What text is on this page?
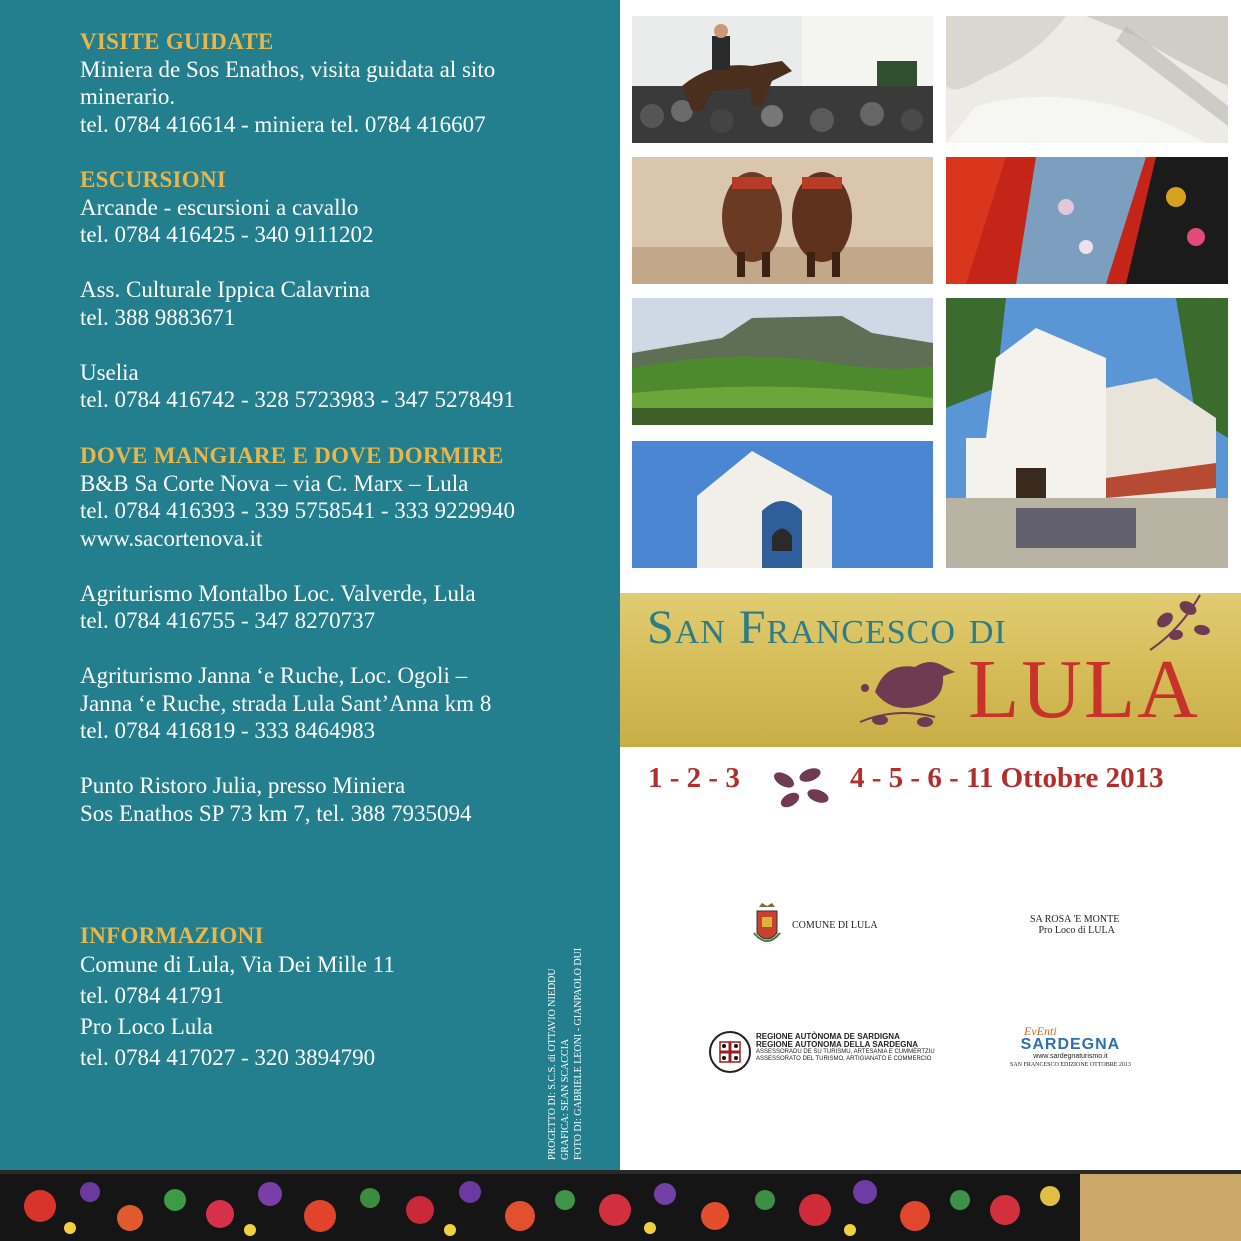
VISITE GUIDATE
Miniera de Sos Enathos, visita guidata al sito
minerario.
tel. 0784 416614 - miniera tel. 0784 416607
ESCURSIONI
Arcande - escursioni a cavallo
tel. 0784 416425 - 340 9111202
Ass. Culturale Ippica Calavrina
tel. 388 9883671
Uselia
tel. 0784 416742 - 328 5723983 - 347 5278491
DOVE MANGIARE E DOVE DORMIRE
B&B Sa Corte Nova – via C. Marx – Lula
tel. 0784 416393 - 339 5758541 - 333 9229940
www.sacortenova.it
Agriturismo Montalbo Loc. Valverde, Lula
tel. 0784 416755 - 347 8270737
Agriturismo Janna ‘e Ruche, Loc. Ogoli –
Janna ‘e Ruche, strada Lula Sant’Anna km 8
tel. 0784 416819 - 333 8464983
Punto Ristoro Julia, presso Miniera
Sos Enathos SP 73 km 7, tel. 388 7935094
INFORMAZIONI
Comune di Lula, Via Dei Mille 11
tel. 0784 41791
Pro Loco Lula
tel. 0784 417027 - 320 3894790	PROGETTO DI: S.C.S. di OTTAVIO NIEDDU GRAFICA: SEAN SCACCIA FOTO DI: GABRIELE LEONI - GIANPAOLO DUI
San Francesco di
LULA
1 - 2 - 3	4 - 5 - 6 - 11 Ottobre 2013
COMUNE DI LULA
SA ROSA 'E MONTE
Pro Loco di LULA
REGIONE AUTÒNOMA DE SARDIGNA
REGIONE AUTONOMA DELLA SARDEGNA
ASSESSORADU DE SU TURISMU, ARTESANIA E CUMMÈRTZIU
ASSESSORATO DEL TURISMO, ARTIGIANATO E COMMERCIO
EvEnti
SARDEGNA
www.sardegnaturismo.it
SAN FRANCESCO EDIZIONE OTTOBRE 2013
